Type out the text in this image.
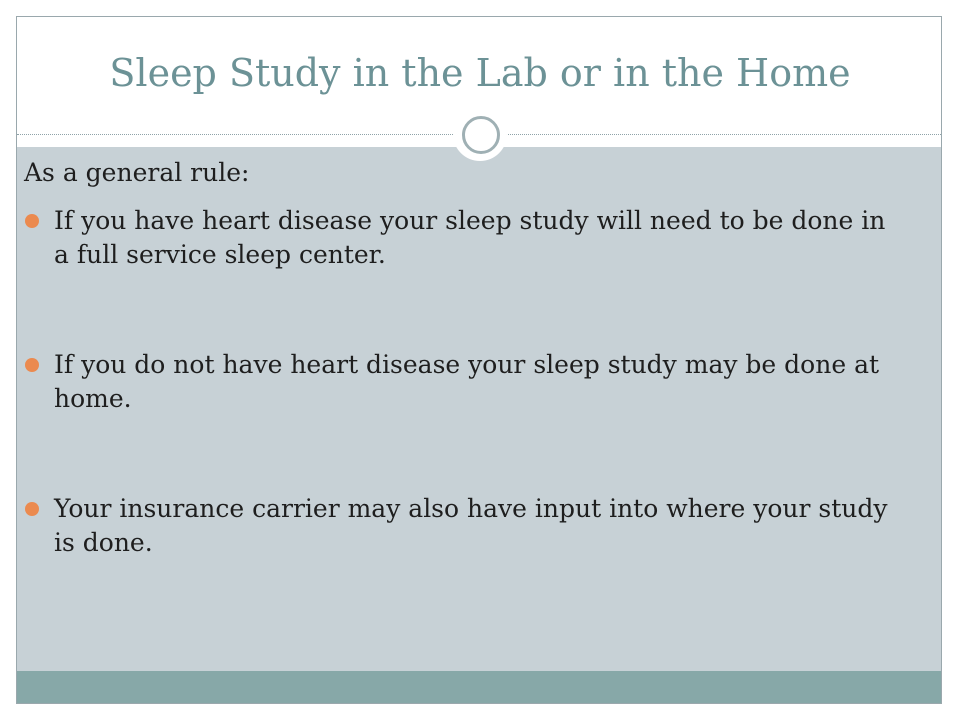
Sleep Study in the Lab or in the Home

As a general rule:

If you have heart disease your sleep study will need to be done in a full service sleep center.
If you do not have heart disease your sleep study may be done at home.
Your insurance carrier may also have input into where your study is done.
